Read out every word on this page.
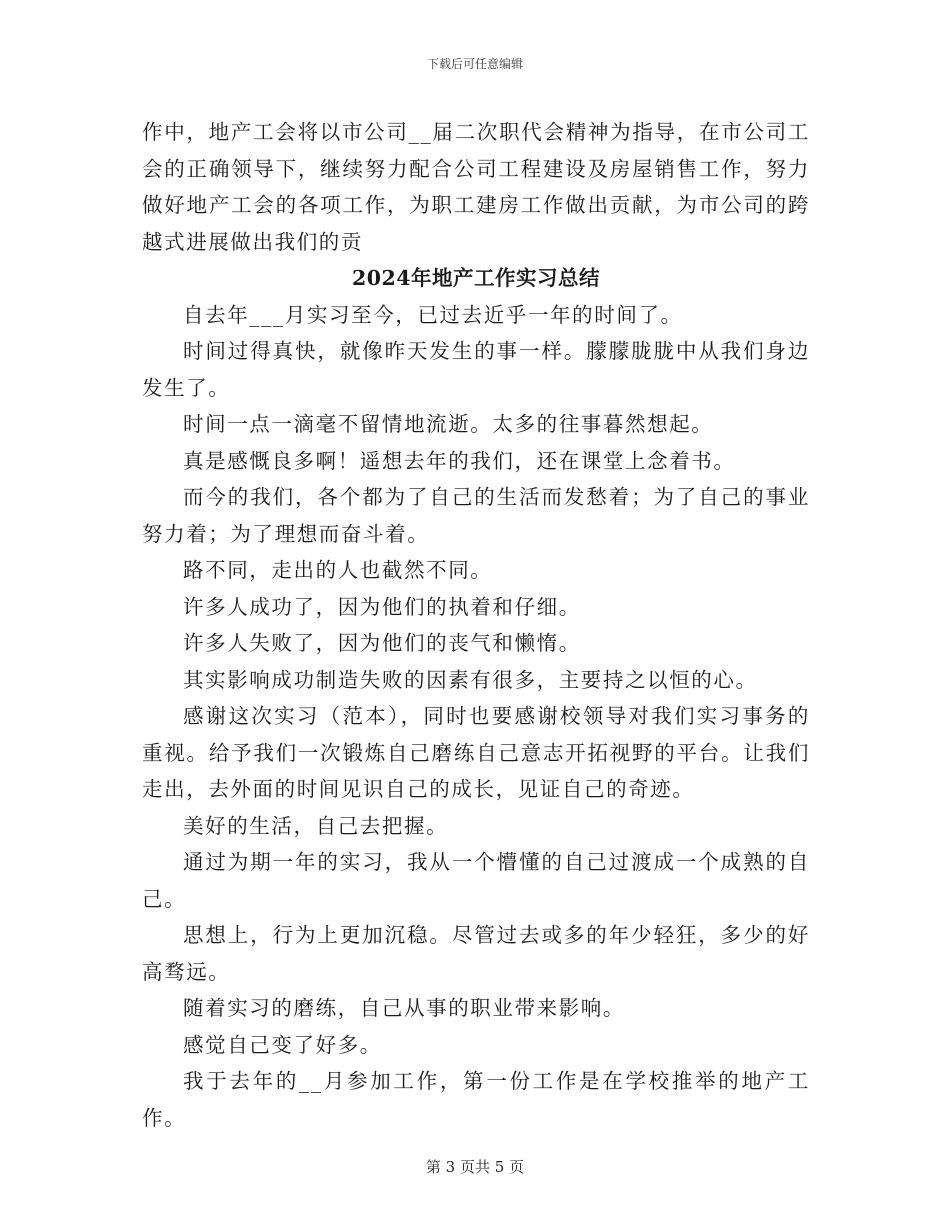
下载后可任意编辑

作中，地产工会将以市公司__届二次职代会精神为指导，在市公司工会的正确领导下，继续努力配合公司工程建设及房屋销售工作，努力做好地产工会的各项工作，为职工建房工作做出贡献，为市公司的跨越式进展做出我们的贡

2024年地产工作实习总结

自去年___月实习至今，已过去近乎一年的时间了。

时间过得真快，就像昨天发生的事一样。朦朦胧胧中从我们身边发生了。

时间一点一滴毫不留情地流逝。太多的往事暮然想起。

真是感慨良多啊！遥想去年的我们，还在课堂上念着书。

而今的我们，各个都为了自己的生活而发愁着；为了自己的事业努力着；为了理想而奋斗着。

路不同，走出的人也截然不同。

许多人成功了，因为他们的执着和仔细。

许多人失败了，因为他们的丧气和懒惰。

其实影响成功制造失败的因素有很多，主要持之以恒的心。

感谢这次实习（范本），同时也要感谢校领导对我们实习事务的重视。给予我们一次锻炼自己磨练自己意志开拓视野的平台。让我们走出，去外面的时间见识自己的成长，见证自己的奇迹。

美好的生活，自己去把握。

通过为期一年的实习，我从一个懵懂的自己过渡成一个成熟的自己。

思想上，行为上更加沉稳。尽管过去或多的年少轻狂，多少的好高骛远。

随着实习的磨练，自己从事的职业带来影响。

感觉自己变了好多。

我于去年的__月参加工作，第一份工作是在学校推举的地产工作。

第 3 页共 5 页
